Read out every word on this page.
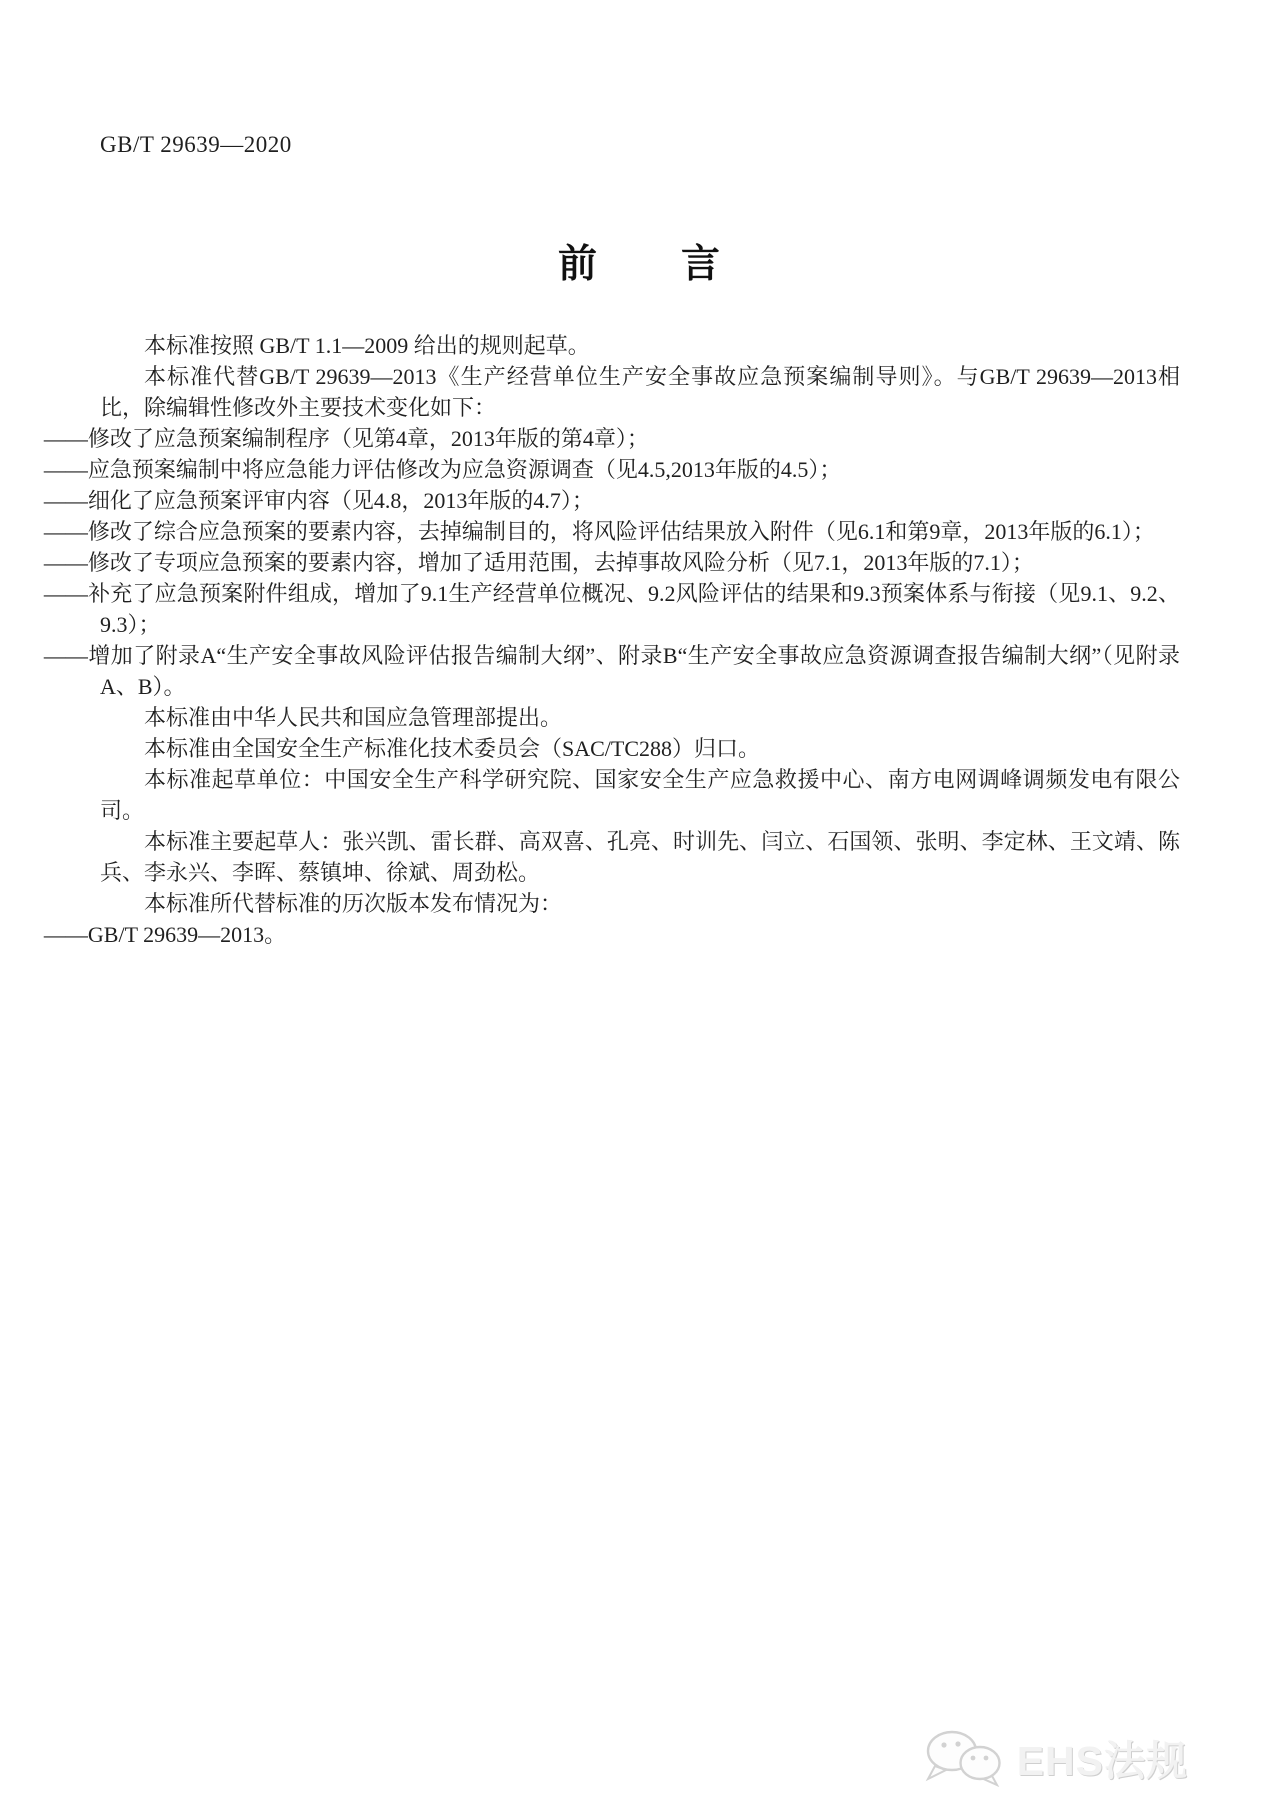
GB/T 29639—2020
前　　言

本标准按照 GB/T 1.1—2009 给出的规则起草。

本标准代替GB/T 29639—2013《生产经营单位生产安全事故应急预案编制导则》。与GB/T 29639—2013相比，除编辑性修改外主要技术变化如下：

——修改了应急预案编制程序（见第4章，2013年版的第4章）；

——应急预案编制中将应急能力评估修改为应急资源调查（见4.5,2013年版的4.5）；

——细化了应急预案评审内容（见4.8，2013年版的4.7）；

——修改了综合应急预案的要素内容，去掉编制目的，将风险评估结果放入附件（见6.1和第9章，2013年版的6.1）；

——修改了专项应急预案的要素内容，增加了适用范围，去掉事故风险分析（见7.1，2013年版的7.1）；

——补充了应急预案附件组成，增加了9.1生产经营单位概况、9.2风险评估的结果和9.3预案体系与衔接（见9.1、9.2、9.3）；

——增加了附录A“生产安全事故风险评估报告编制大纲”、附录B“生产安全事故应急资源调查报告编制大纲”（见附录A、B）。

本标准由中华人民共和国应急管理部提出。

本标准由全国安全生产标准化技术委员会（SAC/TC288）归口。

本标准起草单位：中国安全生产科学研究院、国家安全生产应急救援中心、南方电网调峰调频发电有限公司。

本标准主要起草人：张兴凯、雷长群、高双喜、孔亮、时训先、闫立、石国领、张明、李定林、王文靖、陈兵、李永兴、李晖、蔡镇坤、徐斌、周劲松。

本标准所代替标准的历次版本发布情况为：

——GB/T 29639—2013。

EHS法规
